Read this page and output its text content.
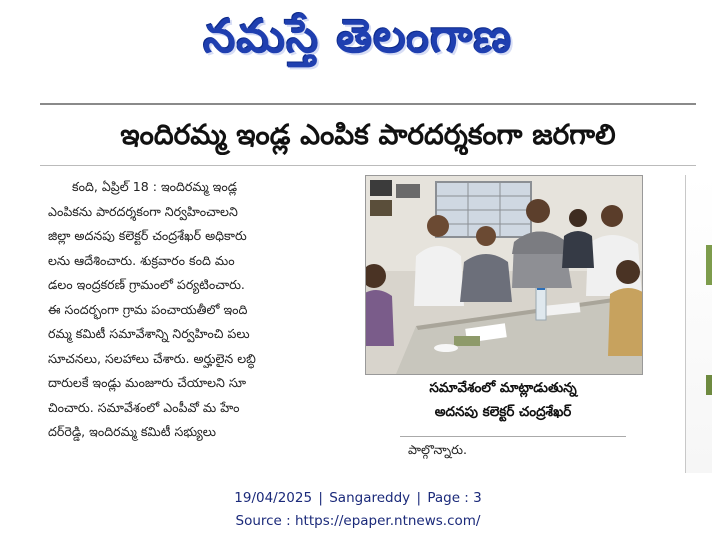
నమస్తే తెలంగాణ
ఇందిరమ్మ ఇండ్ల ఎంపిక పారదర్శకంగా జరగాలి
కంది, ఏప్రిల్ 18 : ఇందిరమ్మ ఇండ్ల
ఎంపికను పారదర్శకంగా నిర్వహించాలని
జిల్లా అదనపు కలెక్టర్ చంద్రశేఖర్ అధికారు
లను ఆదేశించారు. శుక్రవారం కంది మం
డలం ఇంద్రకరణ్ గ్రామంలో పర్యటించారు.
ఈ సందర్భంగా గ్రామ పంచాయతీలో ఇంది
రమ్మ కమిటీ సమావేశాన్ని నిర్వహించి పలు
సూచనలు, సలహాలు చేశారు. అర్హులైన లబ్ధి
దారులకే ఇండ్లు మంజూరు చేయాలని సూ
చించారు. సమావేశంలో ఎంపీవో మ హేం
దర్‌రెడ్డి, ఇందిరమ్మ కమిటీ సభ్యులు
సమావేశంలో మాట్లాడుతున్న
అదనపు కలెక్టర్ చంద్రశేఖర్
పాల్గొన్నారు.
19/04/2025 | Sangareddy | Page : 3
Source : https://epaper.ntnews.com/
